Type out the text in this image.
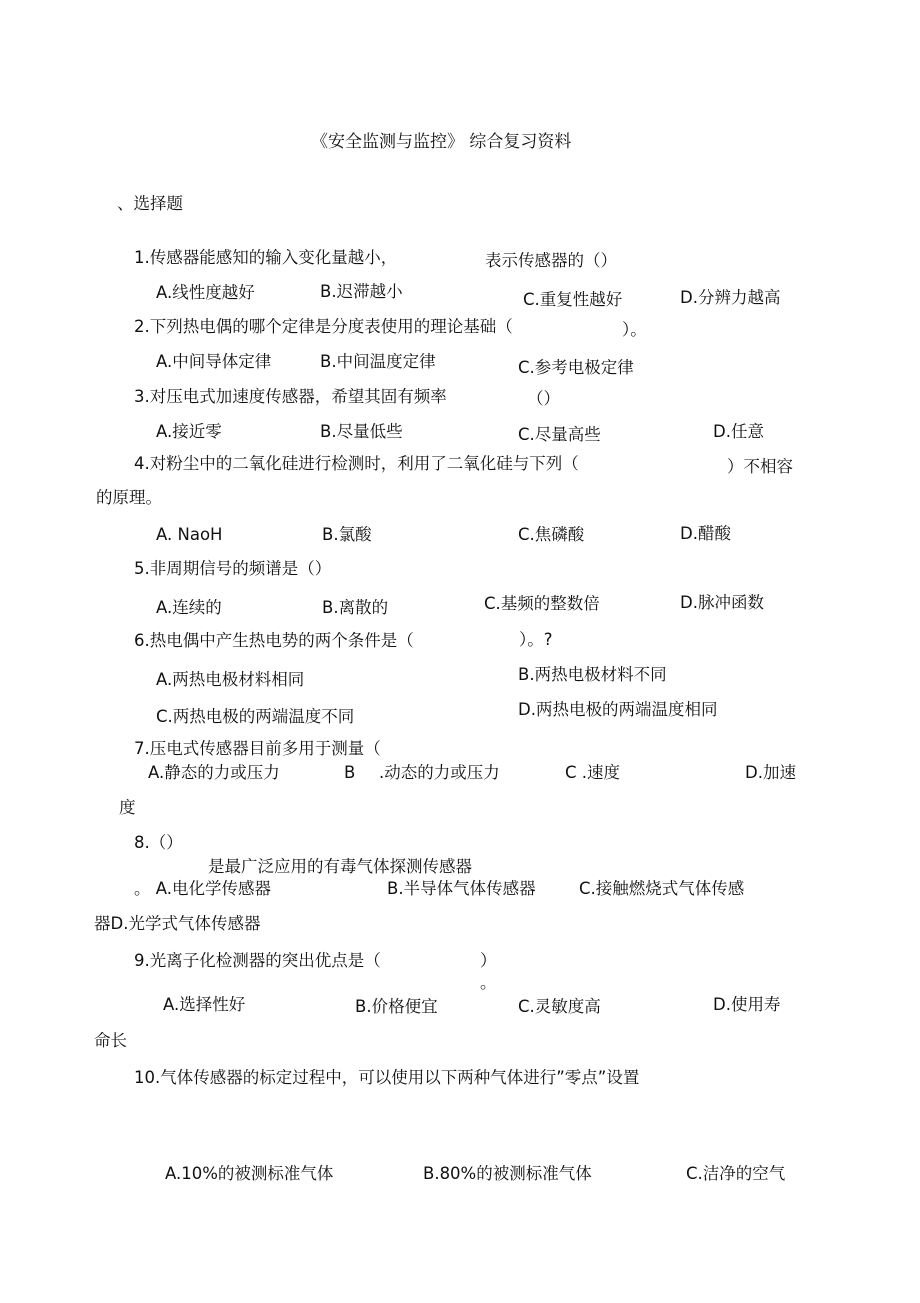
《安全监测与监控》 综合复习资料
、选择题
1.传感器能感知的输入变化量越小，	表示传感器的（）
A.线性度越好	B.迟滞越小	C.重复性越好	D.分辨力越高
2.下列热电偶的哪个定律是分度表使用的理论基础（	）。
A.中间导体定律	B.中间温度定律	C.参考电极定律
3.对压电式加速度传感器，希望其固有频率	（）
A.接近零	B.尽量低些	C.尽量高些	D.任意
4.对粉尘中的二氧化硅进行检测时，利用了二氧化硅与下列（	）不相容
的原理。
A. NaoH	B.氯酸	C.焦磷酸	D.醋酸
5.非周期信号的频谱是（）
A.连续的	B.离散的	C.基频的整数倍	D.脉冲函数
6.热电偶中产生热电势的两个条件是（	）。?
A.两热电极材料相同	B.两热电极材料不同
C.两热电极的两端温度不同	D.两热电极的两端温度相同
7.压电式传感器目前多用于测量（
A.静态的力或压力	B .动态的力或压力	C .速度	D.加速
度
8.（）
是最广泛应用的有毒气体探测传感器
。 A.电化学传感器	B.半导体气体传感器	C.接触燃烧式气体传感
器D.光学式气体传感器
9.光离子化检测器的突出优点是（	）
。
A.选择性好	B.价格便宜	C.灵敏度高	D.使用寿
命长
10.气体传感器的标定过程中，可以使用以下两种气体进行”零点”设置
A.10%的被测标准气体	B.80%的被测标准气体	C.洁净的空气
